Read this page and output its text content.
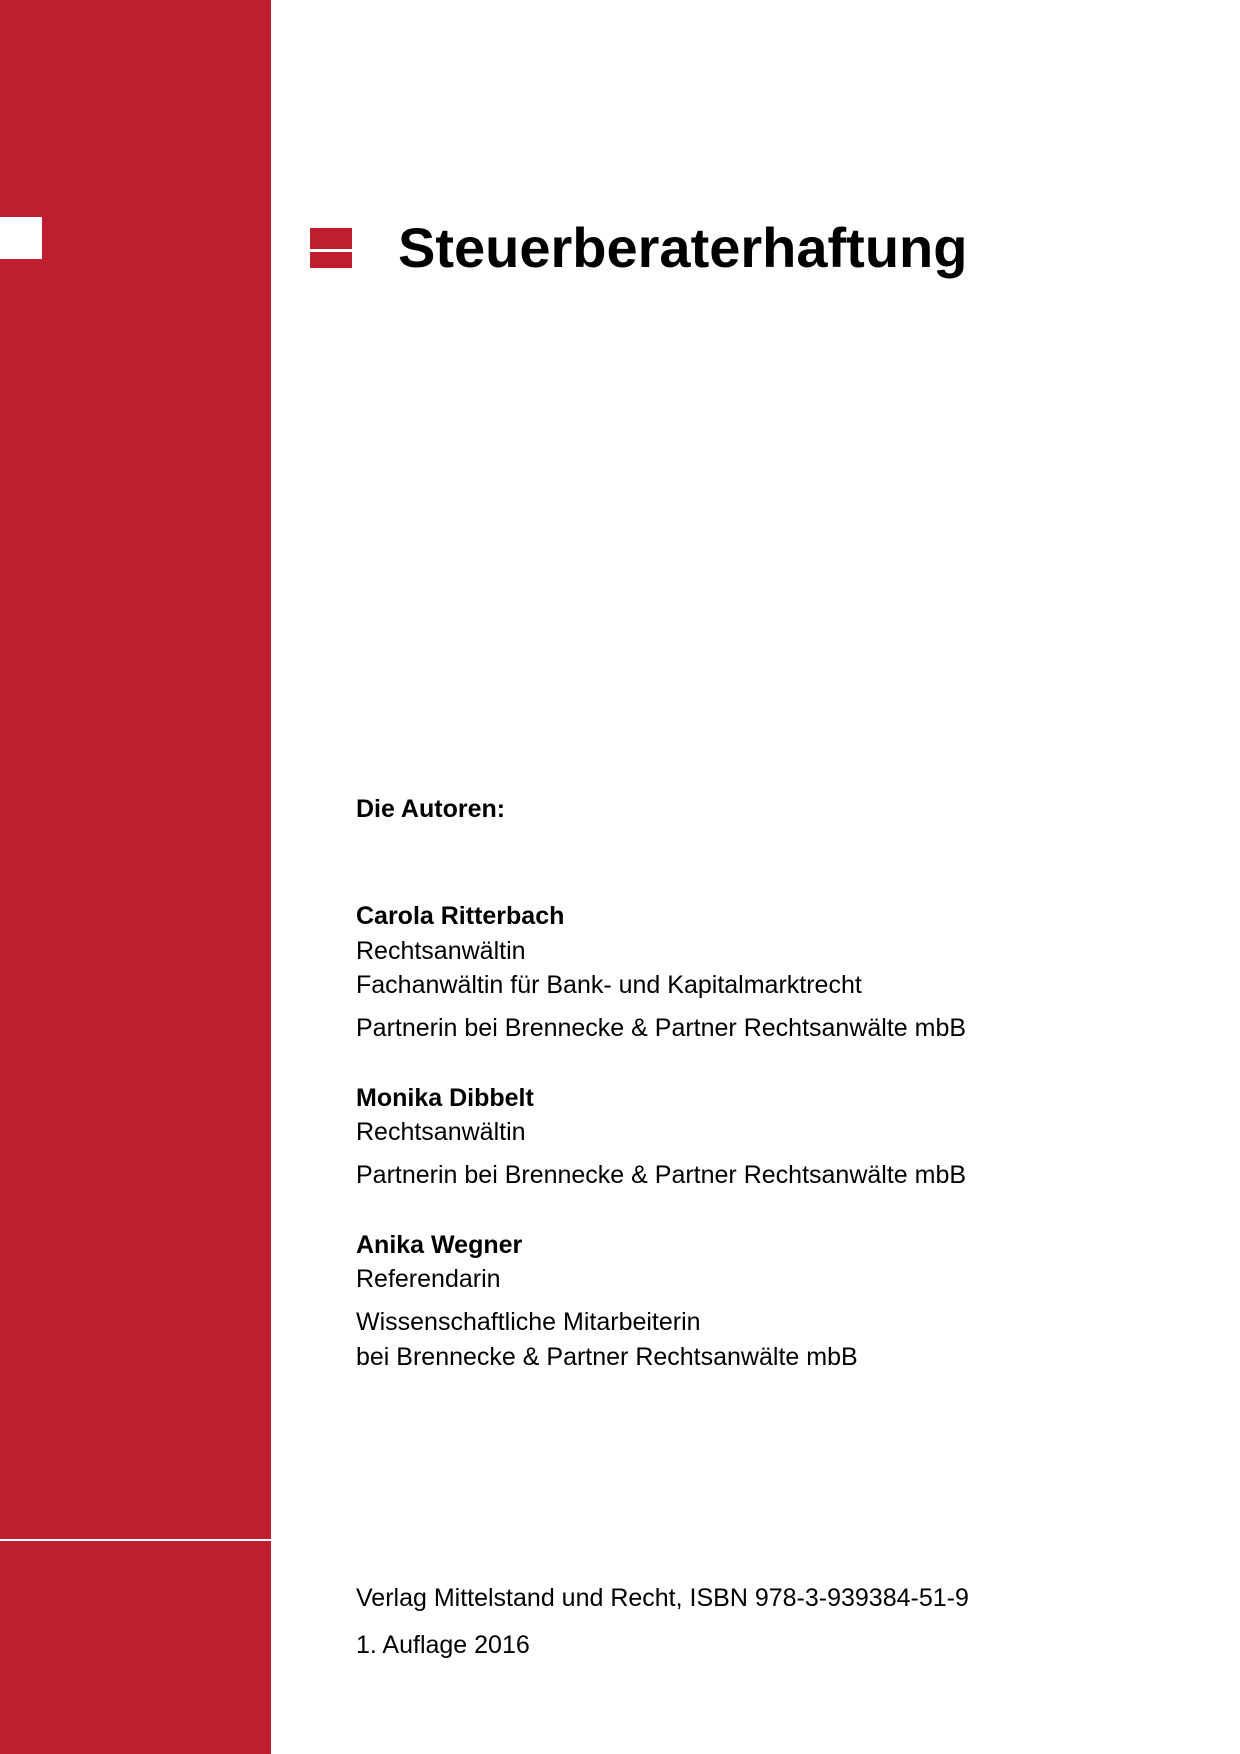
Steuerberaterhaftung
Die Autoren:
Carola Ritterbach
Rechtsanwältin
Fachanwältin für Bank- und Kapitalmarktrecht
Partnerin bei Brennecke & Partner Rechtsanwälte mbB
Monika Dibbelt
Rechtsanwältin
Partnerin bei Brennecke & Partner Rechtsanwälte mbB
Anika Wegner
Referendarin
Wissenschaftliche Mitarbeiterin
bei Brennecke & Partner Rechtsanwälte mbB
Verlag Mittelstand und Recht, ISBN 978-3-939384-51-9
1. Auflage 2016
